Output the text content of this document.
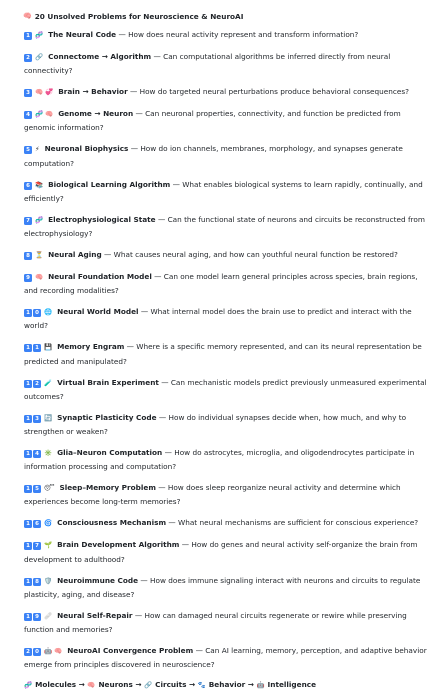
🧠 20 Unsolved Problems for Neuroscience & NeuroAI
1 🧬 The Neural Code — How does neural activity represent and transform information?
2 🔗 Connectome → Algorithm — Can computational algorithms be inferred directly from neural connectivity?
3 🧠 💞 Brain → Behavior — How do targeted neural perturbations produce behavioral consequences?
4 🧬 🧠 Genome → Neuron — Can neuronal properties, connectivity, and function be predicted from genomic information?
5 ⚡ Neuronal Biophysics — How do ion channels, membranes, morphology, and synapses generate computation?
6 📚 Biological Learning Algorithm — What enables biological systems to learn rapidly, continually, and efficiently?
7 🧬 Electrophysiological State — Can the functional state of neurons and circuits be reconstructed from electrophysiology?
8 ⏳ Neural Aging — What causes neural aging, and how can youthful neural function be restored?
9 🧠 Neural Foundation Model — Can one model learn general principles across species, brain regions, and recording modalities?
1 0 🌐 Neural World Model — What internal model does the brain use to predict and interact with the world?
1 1 💾 Memory Engram — Where is a specific memory represented, and can its neural representation be predicted and manipulated?
1 2 🧪 Virtual Brain Experiment — Can mechanistic models predict previously unmeasured experimental outcomes?
1 3 🔄 Synaptic Plasticity Code — How do individual synapses decide when, how much, and why to strengthen or weaken?
1 4 ✳️ Glia–Neuron Computation — How do astrocytes, microglia, and oligodendrocytes participate in information processing and computation?
1 5 😴 Sleep–Memory Problem — How does sleep reorganize neural activity and determine which experiences become long-term memories?
1 6 🌀 Consciousness Mechanism — What neural mechanisms are sufficient for conscious experience?
1 7 🌱 Brain Development Algorithm — How do genes and neural activity self-organize the brain from development to adulthood?
1 8 🛡️ Neuroimmune Code — How does immune signaling interact with neurons and circuits to regulate plasticity, aging, and disease?
1 9 🩹 Neural Self-Repair — How can damaged neural circuits regenerate or rewire while preserving function and memories?
2 0 🤖 🧠 NeuroAI Convergence Problem — Can AI learning, memory, perception, and adaptive behavior emerge from principles discovered in neuroscience?
🧬 Molecules → 🧠 Neurons → 🔗 Circuits → 🐾 Behavior → 🤖 Intelligence
